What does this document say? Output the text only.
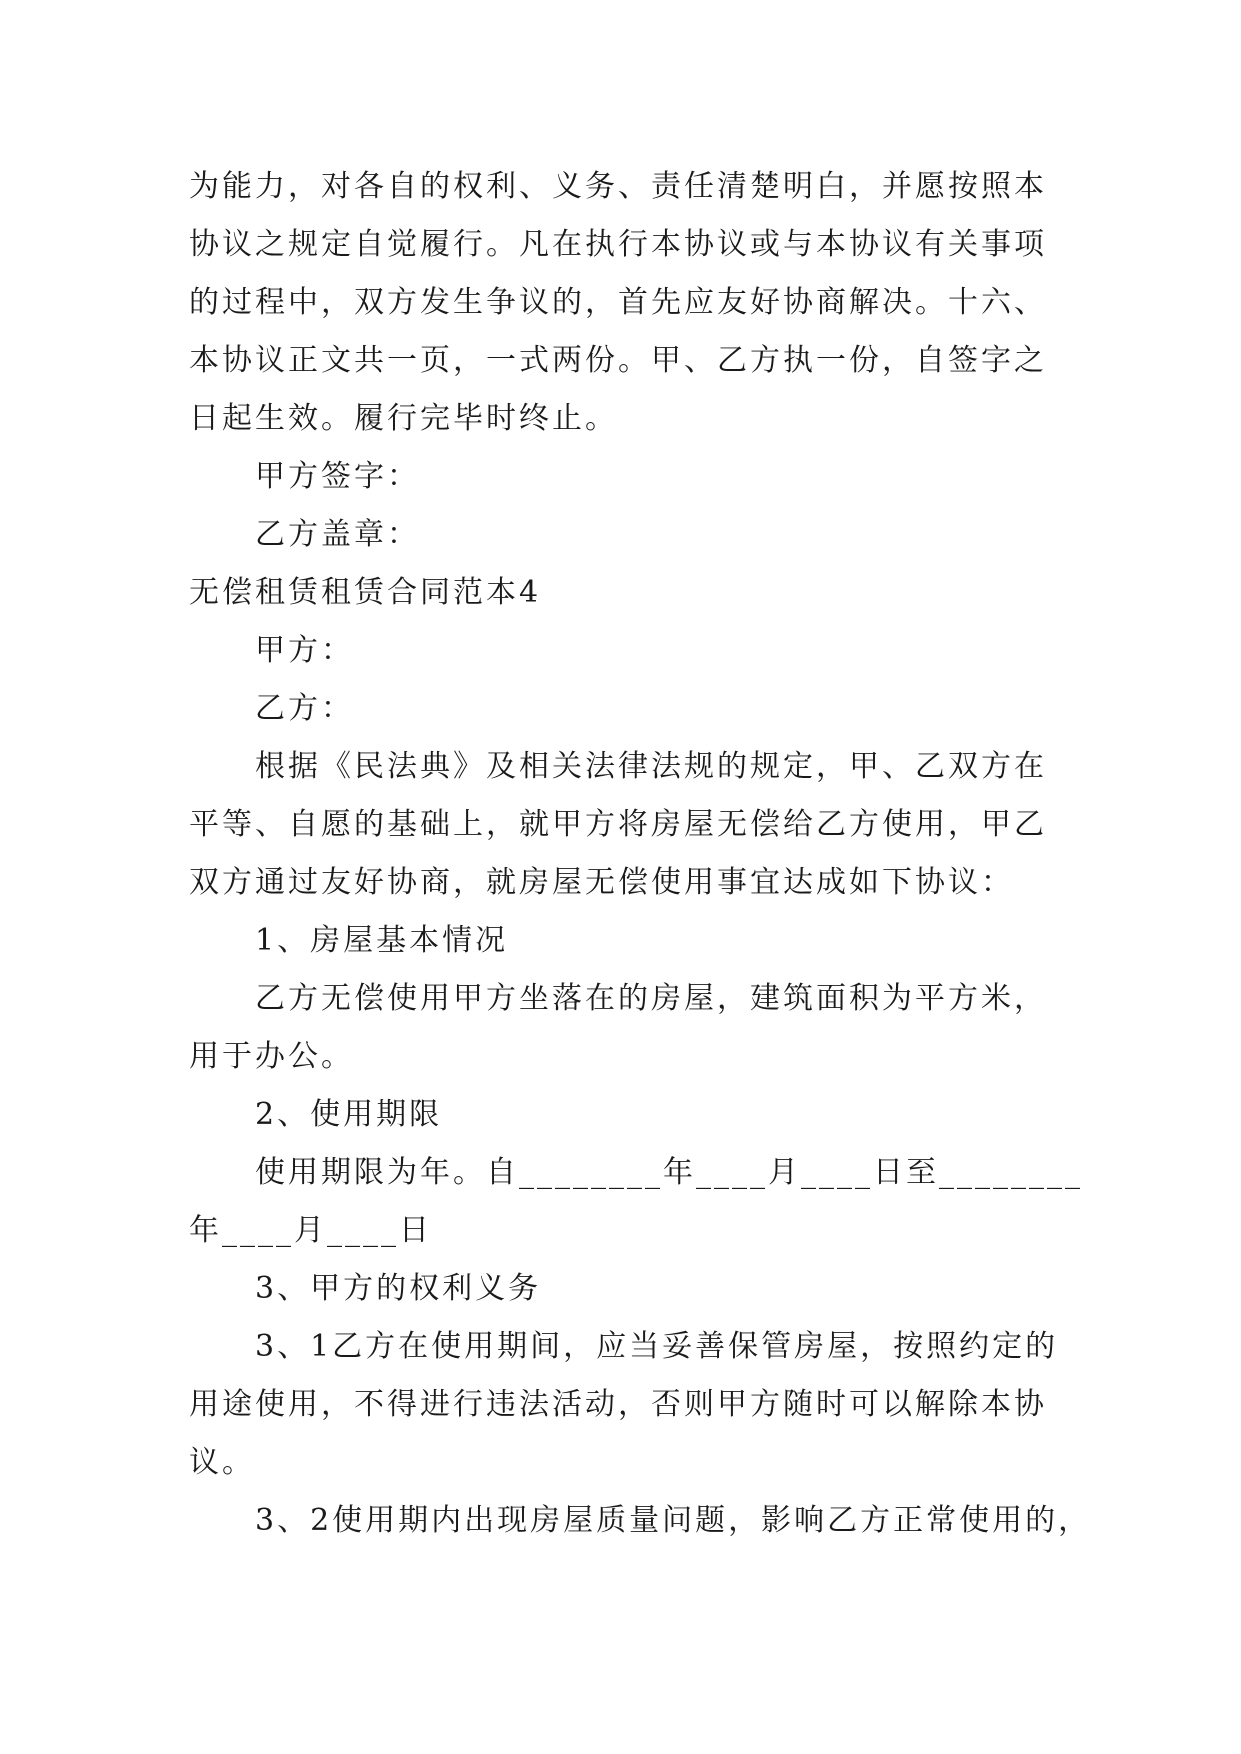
为能力，对各自的权利、义务、责任清楚明白，并愿按照本
协议之规定自觉履行。凡在执行本协议或与本协议有关事项
的过程中，双方发生争议的，首先应友好协商解决。十六、
本协议正文共一页，一式两份。甲、乙方执一份，自签字之
日起生效。履行完毕时终止。
甲方签字：
乙方盖章：
无偿租赁租赁合同范本4
甲方：
乙方：
根据《民法典》及相关法律法规的规定，甲、乙双方在
平等、自愿的基础上，就甲方将房屋无偿给乙方使用，甲乙
双方通过友好协商，就房屋无偿使用事宜达成如下协议：
1、房屋基本情况
乙方无偿使用甲方坐落在的房屋，建筑面积为平方米，
用于办公。
2、使用期限
使用期限为年。自________年____月____日至________
年____月____日
3、甲方的权利义务
3、1乙方在使用期间，应当妥善保管房屋，按照约定的
用途使用，不得进行违法活动，否则甲方随时可以解除本协
议。
3、2使用期内出现房屋质量问题，影响乙方正常使用的，
